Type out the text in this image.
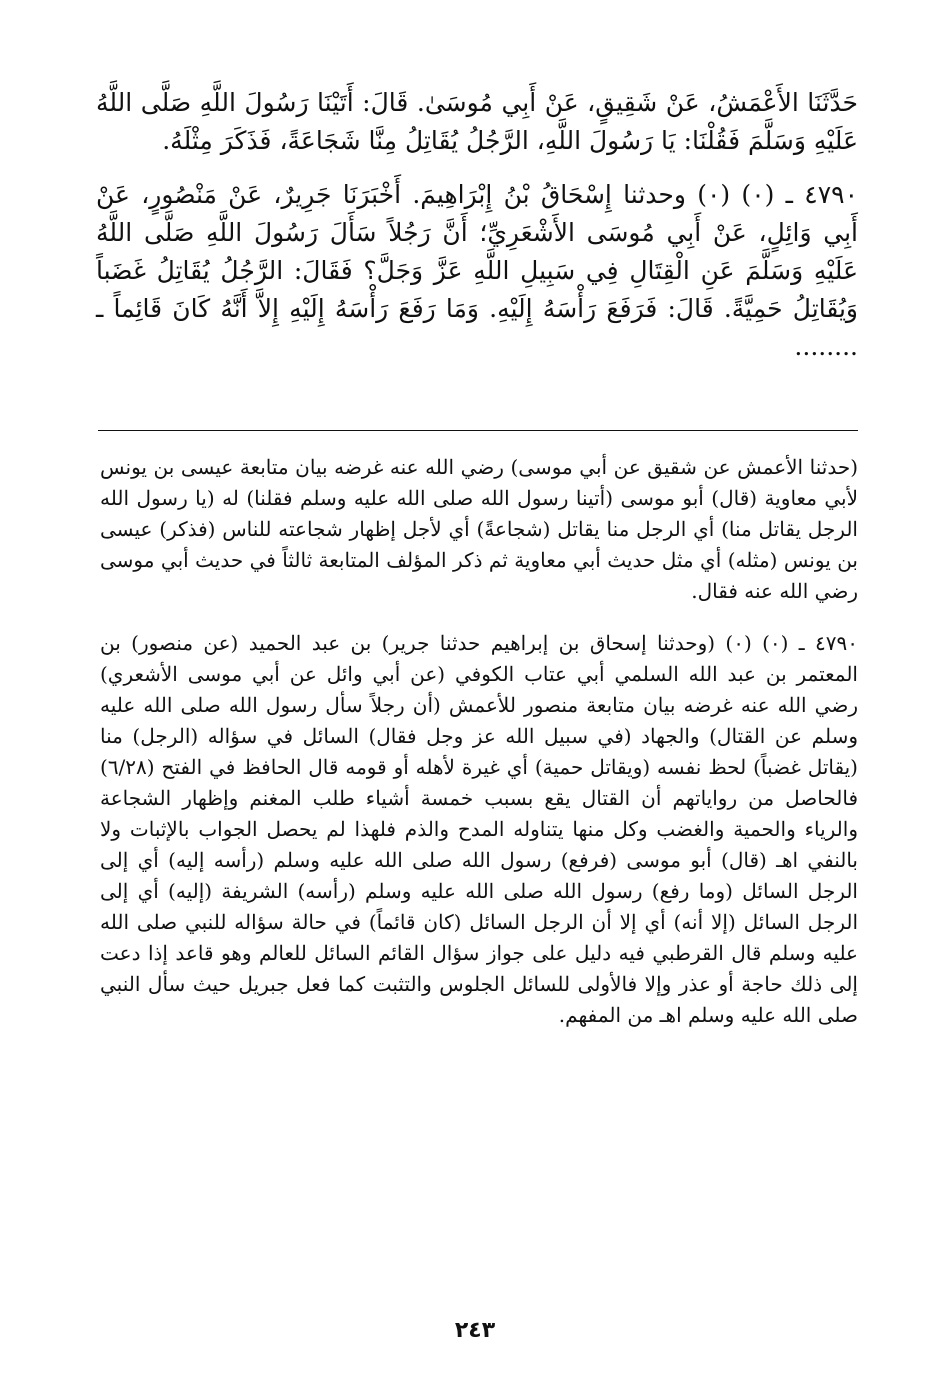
حَدَّثَنَا الأَعْمَشُ، عَنْ شَقِيقٍ، عَنْ أَبِي مُوسَىٰ. قَالَ: أَتَيْنَا رَسُولَ اللَّهِ صَلَّى اللَّهُ عَلَيْهِ وَسَلَّمَ فَقُلْنَا: يَا رَسُولَ اللَّهِ، الرَّجُلُ يُقَاتِلُ مِنَّا شَجَاعَةً، فَذَكَرَ مِثْلَهُ.

٤٧٩٠ ـ (٠) (٠) وحدثنا إِسْحَاقُ بْنُ إِبْرَاهِيمَ. أَخْبَرَنَا جَرِيرٌ، عَنْ مَنْصُورٍ، عَنْ أَبِي وَائِلٍ، عَنْ أَبِي مُوسَى الأَشْعَرِيِّ؛ أَنَّ رَجُلاً سَأَلَ رَسُولَ اللَّهِ صَلَّى اللَّهُ عَلَيْهِ وَسَلَّمَ عَنِ الْقِتَالِ فِي سَبِيلِ اللَّهِ عَزَّ وَجَلَّ؟ فَقَالَ: الرَّجُلُ يُقَاتِلُ غَضَباً وَيُقَاتِلُ حَمِيَّةً. قَالَ: فَرَفَعَ رَأْسَهُ إِلَيْهِ. وَمَا رَفَعَ رَأْسَهُ إِلَيْهِ إِلاَّ أَنَّهُ كَانَ قَائِماً ـ ........

(حدثنا الأعمش عن شقيق عن أبي موسى) رضي الله عنه غرضه بيان متابعة عيسى بن يونس لأبي معاوية (قال) أبو موسى (أتينا رسول الله صلى الله عليه وسلم فقلنا) له (يا رسول الله الرجل يقاتل منا) أي الرجل منا يقاتل (شجاعةً) أي لأجل إظهار شجاعته للناس (فذكر) عيسى بن يونس (مثله) أي مثل حديث أبي معاوية ثم ذكر المؤلف المتابعة ثالثاً في حديث أبي موسى رضي الله عنه فقال.

٤٧٩٠ ـ (٠) (٠) (وحدثنا إسحاق بن إبراهيم حدثنا جرير) بن عبد الحميد (عن منصور) بن المعتمر بن عبد الله السلمي أبي عتاب الكوفي (عن أبي وائل عن أبي موسى الأشعري) رضي الله عنه غرضه بيان متابعة منصور للأعمش (أن رجلاً سأل رسول الله صلى الله عليه وسلم عن القتال) والجهاد (في سبيل الله عز وجل فقال) السائل في سؤاله (الرجل) منا (يقاتل غضباً) لحظ نفسه (ويقاتل حمية) أي غيرة لأهله أو قومه قال الحافظ في الفتح (٦/٢٨) فالحاصل من رواياتهم أن القتال يقع بسبب خمسة أشياء طلب المغنم وإظهار الشجاعة والرياء والحمية والغضب وكل منها يتناوله المدح والذم فلهذا لم يحصل الجواب بالإثبات ولا بالنفي اهـ (قال) أبو موسى (فرفع) رسول الله صلى الله عليه وسلم (رأسه إليه) أي إلى الرجل السائل (وما رفع) رسول الله صلى الله عليه وسلم (رأسه) الشريفة (إليه) أي إلى الرجل السائل (إلا أنه) أي إلا أن الرجل السائل (كان قائماً) في حالة سؤاله للنبي صلى الله عليه وسلم قال القرطبي فيه دليل على جواز سؤال القائم السائل للعالم وهو قاعد إذا دعت إلى ذلك حاجة أو عذر وإلا فالأولى للسائل الجلوس والتثبت كما فعل جبريل حيث سأل النبي صلى الله عليه وسلم اهـ من المفهم.

٢٤٣
